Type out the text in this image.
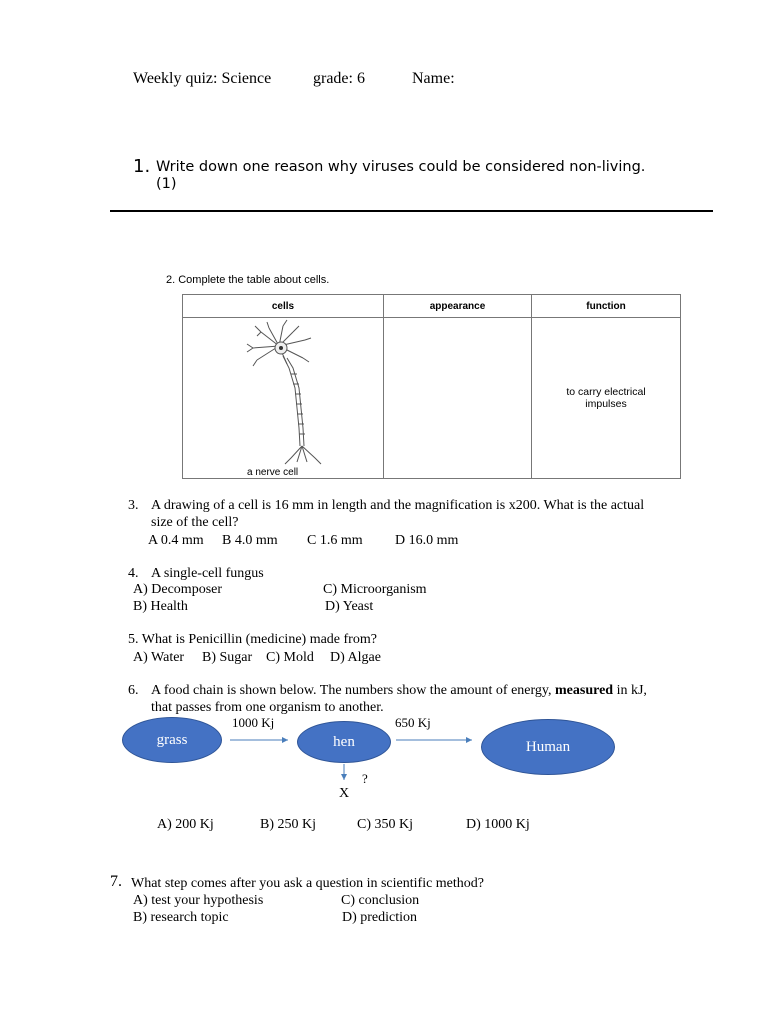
Weekly quiz: Science	grade: 6	Name:
1. Write down one reason why viruses could be considered non-living.
(1)
2. Complete the table about cells.
cells	appearance	function

a nerve cell		to carry electrical
impulses
3. A drawing of a cell is 16 mm in length and the magnification is x200. What is the actual
size of the cell?
A 0.4 mm B 4.0 mm C 1.6 mm D 16.0 mm
4. A single-cell fungus
A) Decomposer
B) Health
C) Microorganism
D) Yeast
5. What is Penicillin (medicine) made from?
A) Water B) Sugar C) Mold D) Algae
6. A food chain is shown below. The numbers show the amount of energy, measured in kJ,
that passes from one organism to another.
grass	hen	Human
1000 Kj	650 Kj
?
X
A) 200 Kj	B) 250 Kj	C) 350 Kj	D) 1000 Kj
7. What step comes after you ask a question in scientific method?
A) test your hypothesis
B) research topic
C) conclusion
D) prediction
